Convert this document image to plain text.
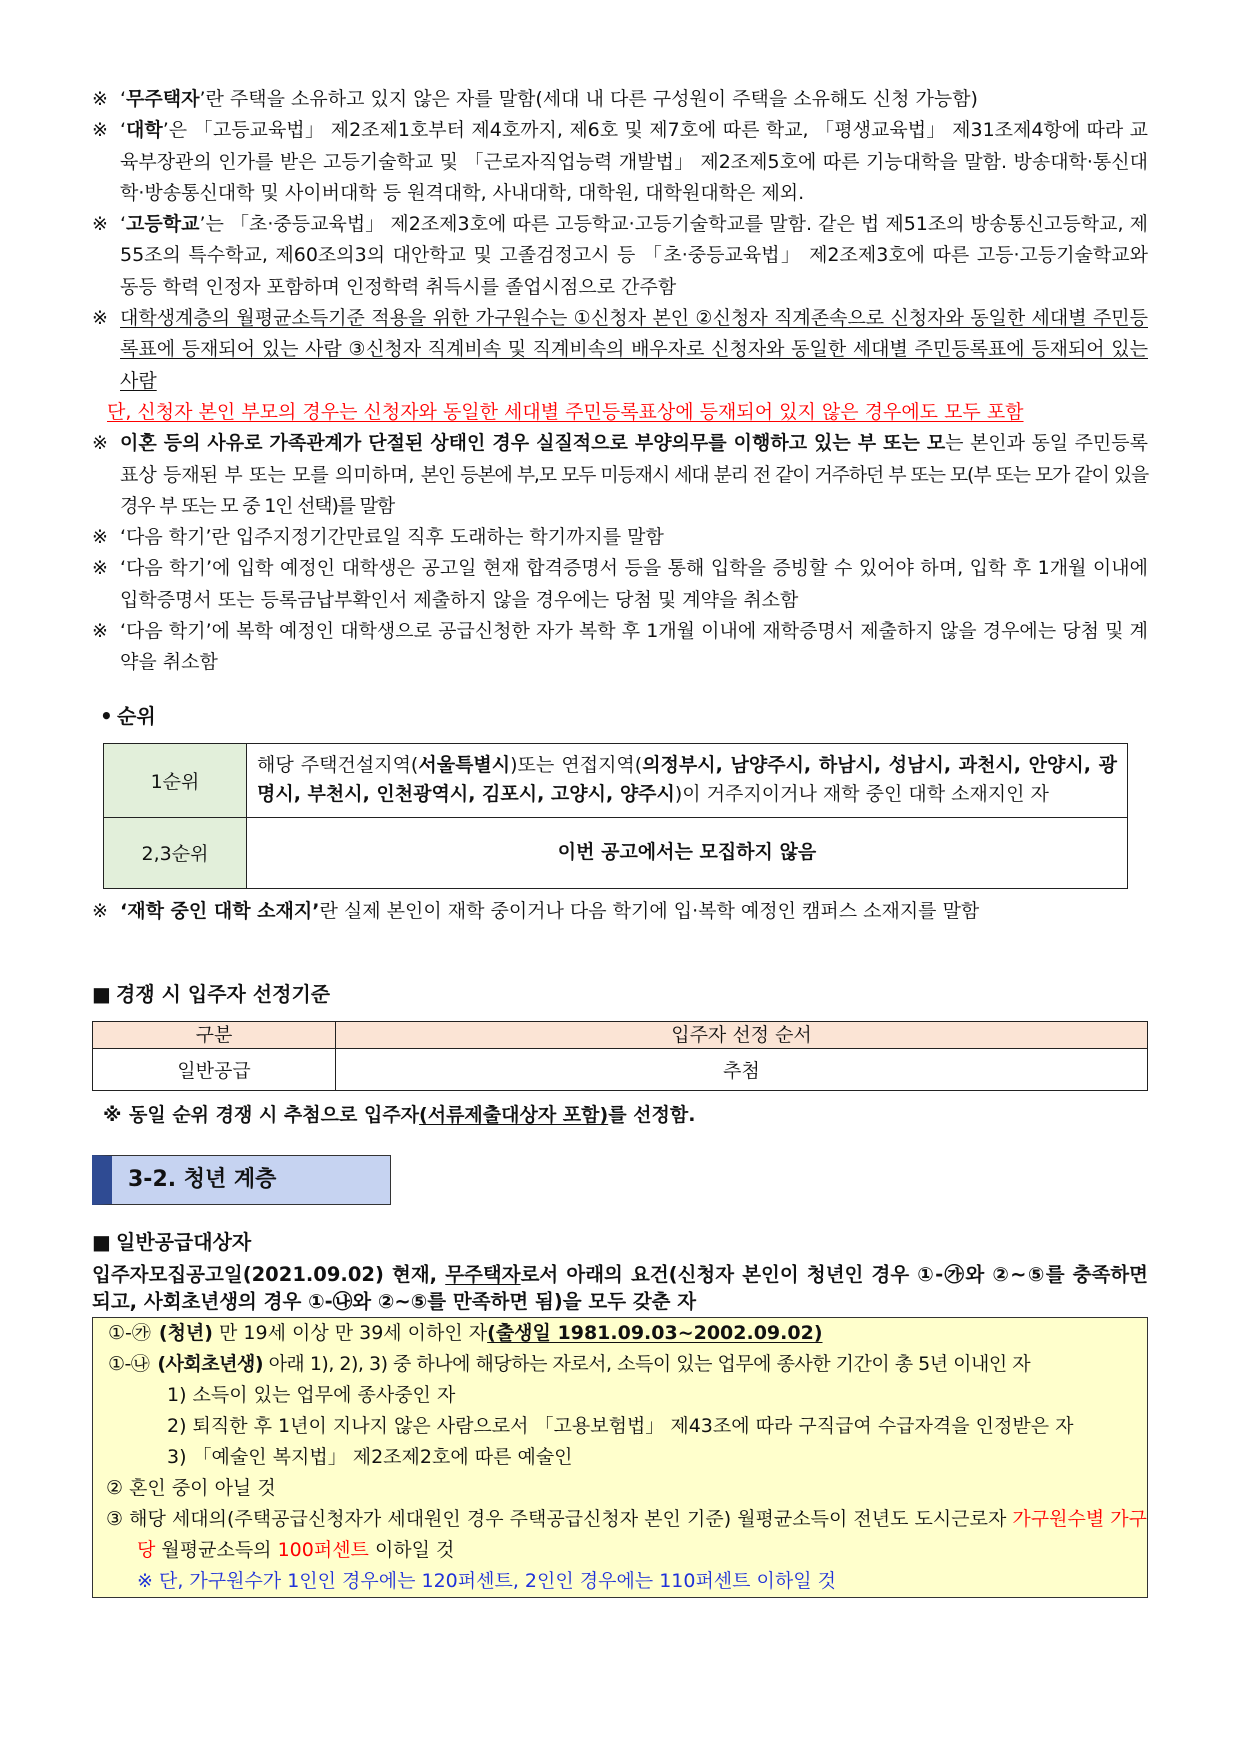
※ ‘무주택자’란 주택을 소유하고 있지 않은 자를 말함(세대 내 다른 구성원이 주택을 소유해도 신청 가능함)

※ ‘대학’은 「고등교육법」 제2조제1호부터 제4호까지, 제6호 및 제7호에 따른 학교, 「평생교육법」 제31조제4항에 따라 교육부장관의 인가를 받은 고등기술학교 및 「근로자직업능력 개발법」 제2조제5호에 따른 기능대학을 말함. 방송대학·통신대학·방송통신대학 및 사이버대학 등 원격대학, 사내대학, 대학원, 대학원대학은 제외.

※ ‘고등학교’는 「초·중등교육법」 제2조제3호에 따른 고등학교·고등기술학교를 말함. 같은 법 제51조의 방송통신고등학교, 제55조의 특수학교, 제60조의3의 대안학교 및 고졸검정고시 등 「초·중등교육법」 제2조제3호에 따른 고등·고등기술학교와 동등 학력 인정자 포함하며 인정학력 취득시를 졸업시점으로 간주함

※ 대학생계층의 월평균소득기준 적용을 위한 가구원수는 ①신청자 본인 ②신청자 직계존속으로 신청자와 동일한 세대별 주민등록표에 등재되어 있는 사람 ③신청자 직계비속 및 직계비속의 배우자로 신청자와 동일한 세대별 주민등록표에 등재되어 있는 사람

단, 신청자 본인 부모의 경우는 신청자와 동일한 세대별 주민등록표상에 등재되어 있지 않은 경우에도 모두 포함

※ 이혼 등의 사유로 가족관계가 단절된 상태인 경우 실질적으로 부양의무를 이행하고 있는 부 또는 모는 본인과 동일 주민등록표상 등재된 부 또는 모를 의미하며, 본인 등본에 부,모 모두 미등재시 세대 분리 전 같이 거주하던 부 또는 모(부 또는 모가 같이 있을 경우 부 또는 모 중 1인 선택)를 말함

※ ‘다음 학기’란 입주지정기간만료일 직후 도래하는 학기까지를 말함

※ ‘다음 학기’에 입학 예정인 대학생은 공고일 현재 합격증명서 등을 통해 입학을 증빙할 수 있어야 하며, 입학 후 1개월 이내에 입학증명서 또는 등록금납부확인서 제출하지 않을 경우에는 당첨 및 계약을 취소함

※ ‘다음 학기’에 복학 예정인 대학생으로 공급신청한 자가 복학 후 1개월 이내에 재학증명서 제출하지 않을 경우에는 당첨 및 계약을 취소함

• 순위

1순위	해당 주택건설지역(서울특별시)또는 연접지역(의정부시, 남양주시, 하남시, 성남시, 과천시, 안양시, 광명시, 부천시, 인천광역시, 김포시, 고양시, 양주시)이 거주지이거나 재학 중인 대학 소재지인 자
2,3순위	이번 공고에서는 모집하지 않음

※ ‘재학 중인 대학 소재지’란 실제 본인이 재학 중이거나 다음 학기에 입·복학 예정인 캠퍼스 소재지를 말함

■ 경쟁 시 입주자 선정기준

구분	입주자 선정 순서
일반공급	추첨

※ 동일 순위 경쟁 시 추첨으로 입주자(서류제출대상자 포함)를 선정함.

3-2. 청년 계층

■ 일반공급대상자

입주자모집공고일(2021.09.02) 현재, 무주택자로서 아래의 요건(신청자 본인이 청년인 경우 ①-㉮와 ②~⑤를 충족하면 되고, 사회초년생의 경우 ①-㉯와 ②~⑤를 만족하면 됨)을 모두 갖춘 자

①-㉮ (청년) 만 19세 이상 만 39세 이하인 자(출생일 1981.09.03~2002.09.02)

①-㉯ (사회초년생) 아래 1), 2), 3) 중 하나에 해당하는 자로서, 소득이 있는 업무에 종사한 기간이 총 5년 이내인 자

1) 소득이 있는 업무에 종사중인 자

2) 퇴직한 후 1년이 지나지 않은 사람으로서 「고용보험법」 제43조에 따라 구직급여 수급자격을 인정받은 자

3) 「예술인 복지법」 제2조제2호에 따른 예술인

② 혼인 중이 아닐 것

③ 해당 세대의(주택공급신청자가 세대원인 경우 주택공급신청자 본인 기준) 월평균소득이 전년도 도시근로자 가구원수별 가구당 월평균소득의 100퍼센트 이하일 것

※ 단, 가구원수가 1인인 경우에는 120퍼센트, 2인인 경우에는 110퍼센트 이하일 것
